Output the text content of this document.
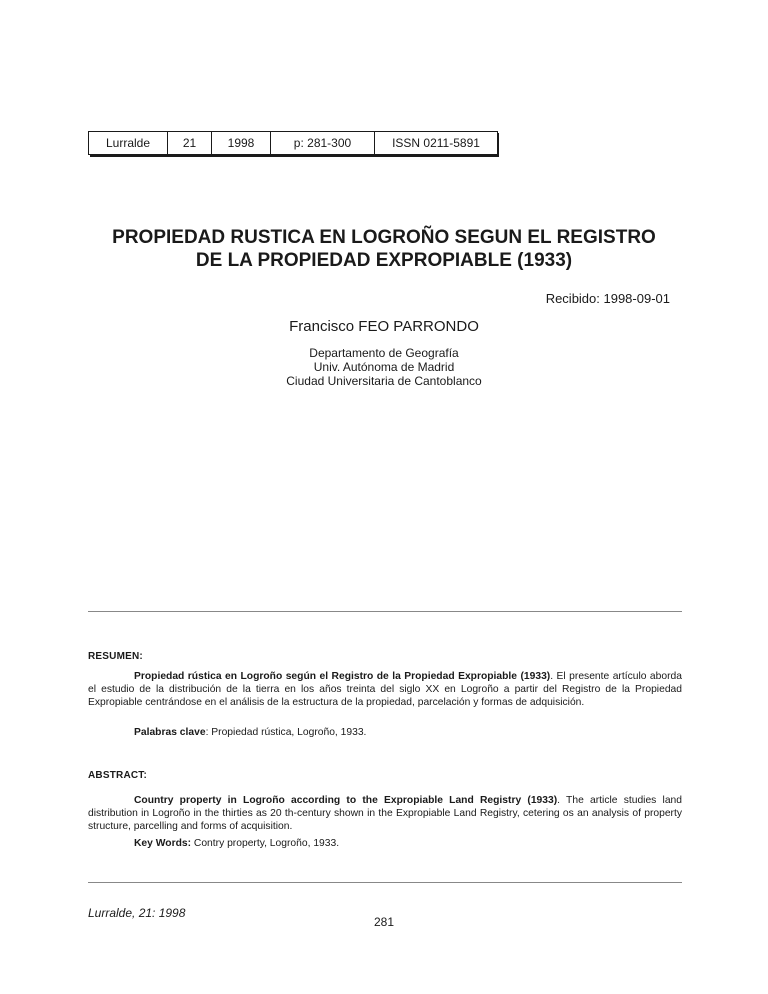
Lurralde	21	1998	p: 281-300	ISSN 0211-5891
PROPIEDAD RUSTICA EN LOGROÑO SEGUN EL REGISTRO
DE LA PROPIEDAD EXPROPIABLE (1933)
Recibido: 1998-09-01
Francisco FEO PARRONDO
Departamento de Geografía
Univ. Autónoma de Madrid
Ciudad Universitaria de Cantoblanco
RESUMEN:

Propiedad rústica en Logroño según el Registro de la Propiedad Expropiable (1933). El presente artículo aborda el estudio de la distribución de la tierra en los años treinta del siglo XX en Logroño a partir del Registro de la Propiedad Expropiable centrándose en el análisis de la estructura de la propiedad, parcelación y formas de adquisición.

Palabras clave: Propiedad rústica, Logroño, 1933.
ABSTRACT:

Country property in Logroño according to the Expropiable Land Registry (1933). The article studies land distribution in Logroño in the thirties as 20 th-century shown in the Expropiable Land Registry, cetering os an analysis of property structure, parcelling and forms of acquisition.

Key Words: Contry property, Logroño, 1933.
Lurralde, 21: 1998
281
